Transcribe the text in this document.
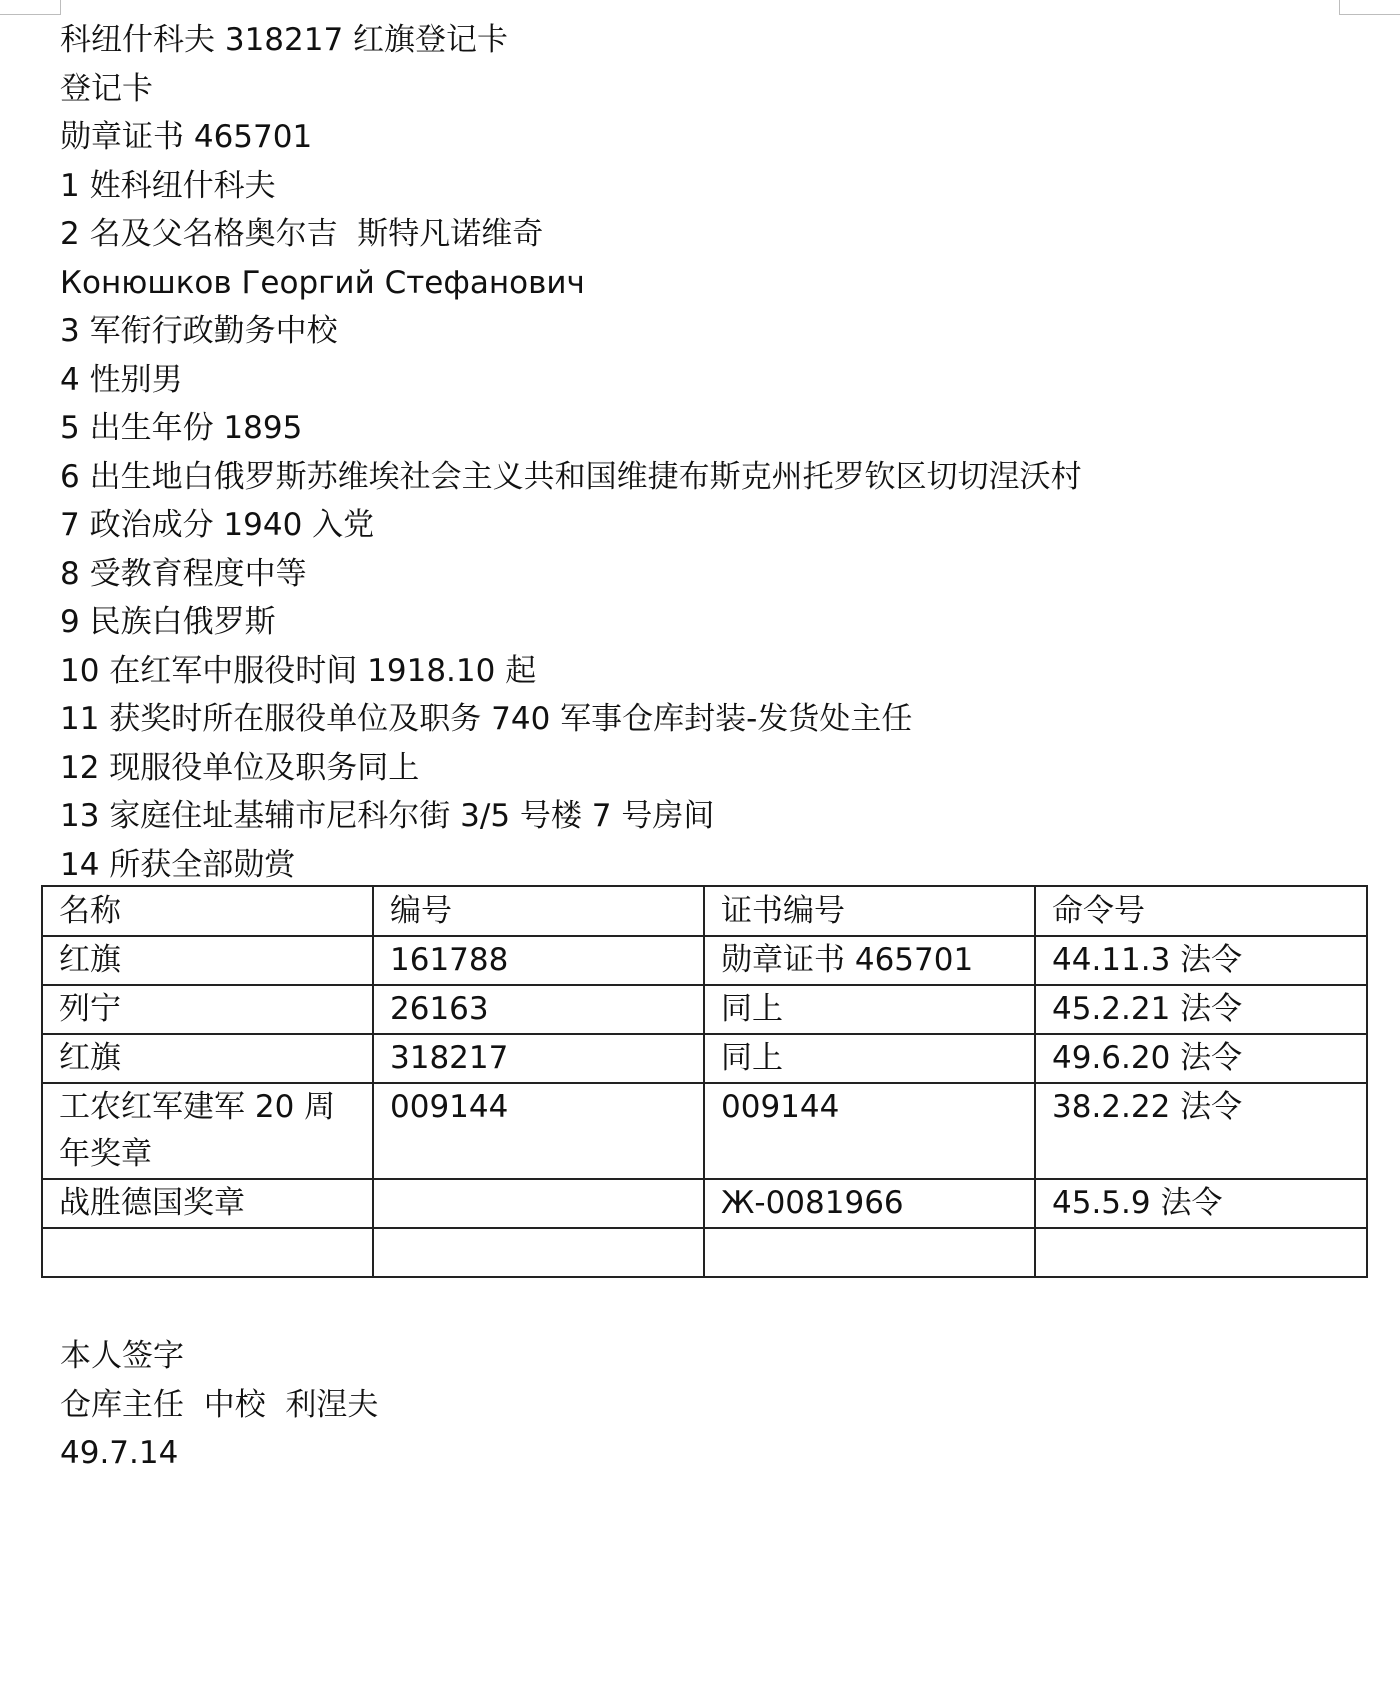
科纽什科夫 318217 红旗登记卡
登记卡
勋章证书 465701
1 姓科纽什科夫
2 名及父名格奥尔吉  斯特凡诺维奇
Конюшков Георгий Стефанович
3 军衔行政勤务中校
4 性别男
5 出生年份 1895
6 出生地白俄罗斯苏维埃社会主义共和国维捷布斯克州托罗钦区切切涅沃村
7 政治成分 1940 入党
8 受教育程度中等
9 民族白俄罗斯
10 在红军中服役时间 1918.10 起
11 获奖时所在服役单位及职务 740 军事仓库封装-发货处主任
12 现服役单位及职务同上
13 家庭住址基辅市尼科尔街 3/5 号楼 7 号房间
14 所获全部勋赏
名称	编号	证书编号	命令号
红旗	161788	勋章证书 465701	44.11.3 法令
列宁	26163	同上	45.2.21 法令
红旗	318217	同上	49.6.20 法令
工农红军建军 20 周年奖章	009144	009144	38.2.22 法令
战胜德国奖章		Ж-0081966	45.5.9 法令

本人签字
仓库主任  中校  利涅夫
49.7.14
